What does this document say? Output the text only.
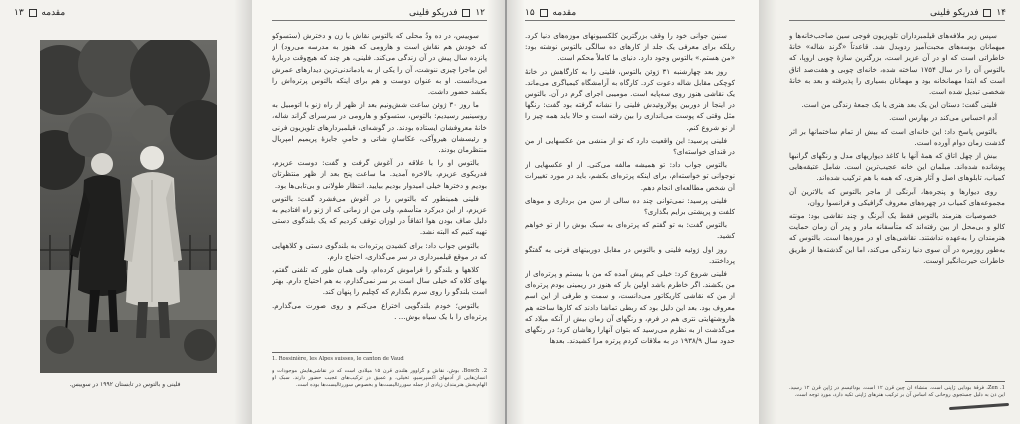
مقدمه  ۱۳
فلینی و بالتوس در تابستان ۱۹۹۲ در سوییس.
۱۲  فدریکو فلینی

سوییس، در ده ودُ محلی که بالتوس نقاش با زن و دخترش (ستسوکو که خودش هم نقاش است و هارومی که هنوز به مدرسه می‌رود) از پانزده سال پیش در آن زندگی می‌کند. فلینی، هر چند که هیچ‌وقت دربارهٔ این ماجرا چیزی ننوشت، آن را یکی از به یادماندنی‌ترین دیدارهای عمرش می‌دانست. او به عنوان دوست و هم برای اینکه بالتوس پرتره‌اش را بکشد حضور داشت.

ما روز ۳۰ ژوئن ساعت شش‌ونیم بعد از ظهر از راه ژنو با اتومبیل به روسینییر رسیدیم: بالتوس، ستسوکو و هارومی در سرسرای گراند شاله، خانهٔ معروفشان ایستاده بودند. در گوشه‌ای، قیلمبردارهای تلویزیون فرنی و رئیسشان هیروآکی، عکاسانِ شاتی و حامیِ جایزهٔ پریمیم امپریال منتظرمان بودند.

بالتوس او را با علاقه در آغوش گرفت و گفت: دوست عزیزم، فدریکوی عزیزم، بالاخره آمدید. ما ساعت پنج بعد از ظهر منتظرتان بودیم و دخترها خیلی امیدوار بودیم بیایید. انتظار طولانی و بی‌تابی‌ها بود.

فلینی همینطور که بالتوس را در آغوش می‌فشرد گفت: بالتوس عزیزم، از این دیرکرد متأسفم، ولی من از زمانی که از ژنو راه افتادیم به دلیل صاف بودن هوا اتفاقاً در لوزان توقف کردیم که یک بلندگوی دستی تهیه کنیم که البته نشد.

بالتوس جواب داد: برای کشیدن پرتره‌ات به بلندگوی دستی و کلاههایی که در موقع قیلمبرداری در سر می‌گذاری، احتیاج دارم.

کلاهها و بلندگو را فراموش کرده‌ام، ولی همان طور که تلفنی گفتم، بهای کلاه که خیلی سال است بر سر نمی‌گذارم، به هم احتیاج دارم. بهتر است بلندگو را روی سرم بگذارم که کچلیم را پنهان کند.

بالتوس؛ خودم بلندگویی اختراع می‌کنم و روی صورت می‌گذارم. پرتره‌ای را با یک سیاه بوش... .

1. Rossinière, les Alpes suisses, le canton de Vaud
2. Bosch، بوش، نقاش و گراوور هلندی قرن ۱۵ میلادی است که در نقاشی‌هایش موجودات و انسان‌هایی از آدمهای اکسپرسیو، تخیلی، و عمیق در ترکیب‌های عجیب حضور دارند. سبک او الهام‌بخش هنرمندان زیادی از جمله سوررئالیست‌ها و بخصوص سوررئالیست‌ها بوده است.
مقدمه  ۱۵

سنین جوانی خود را وقف بزرگترین کلکسیونهای موزه‌های دنیا کرد. ریلکه برای معرفی یک جلد از کارهای ده سالگی بالتوس نوشته بود: «من هستم.» بالتوس وجود دارد. دنیای ما کاملاً محکم است.

روز بعد چهارشنبه ۳۱ ژوئن بالتوس، فلینی را به کارگاهش در خانهٔ کوچکی مقابل شاله دعوت کرد. کارگاه به آرامشگاه کیمیاگری می‌ماند. یک نقاشی هنوز روی سه‌پایه است. مومیبی اجرای گرم در آن. بالتوس در اینجا از دوربین پولاروئیدش فلینی را نشانه گرفته بود گفت: رنگها مثل وقتی که پوست می‌اندازی را بین رفته است و حالا باید همه چیز را از نو شروع کنم.

فلینی پرسید: این واقعیت دارد که تو از منشی من عکسهایی از من در قندای خواسته‌ای؟

بالتوس جواب داد: تو همیشه مالفه می‌کنی. از او عکسهایی از نوجوانی تو خواسته‌ام، برای اینکه پرتره‌ای بکشم، باید در مورد تغییرات آن شخص مطالعه‌ای انجام دهم.

فلینی پرسید: نمی‌توانی چند ده سالی از سن من برداری و موهای کلفت و پرپشتی برایم بگذاری؟

بالتوس گفت: به تو گفتم که پرتره‌ای به سبک بوش را از تو خواهم کشید.

روز اول ژوئیه فلینی و بالتوس در مقابل دوربینهای فرنی به گفتگو پرداختند.

فلینی شروع کرد: خیلی کم پیش آمده که من با بیستم و پرتره‌ای از من بکشند. اگر خاطرم باشد اولین بار که هنوز در ریمینی بودم پرتره‌ای از من که نقاشی کاریکاتور می‌دانست، و سمت و طرفی از این اسم معروف بود. بعد این دلیل بود که ربطی تماشا دادند که کارها ساخته هم هاروشتهایتی نتری هم در فرم، و رنگهای آن زمان بیش از آنکه میلاد که می‌گذشت از به نظرم می‌رسید که بتوان آنهارا رهاشان کرد؛ در رنگهای حدود سال ۱۹۳۸/۹ در به ملاقات کردم پرتره مرا کشیدند. بعدها

۱۴  فدریکو فلینی

سپس زیر ملافه‌های قیلمبرداران تلویزیون فوجی سین صاحب‌خانه‌ها و میهمانان بوسه‌های محبت‌آمیز ردوبدل شد. قاعدتاً «گرند شاله» خانهٔ خاطراتی است که او در آن عزیز است، بزرگترین سازهٔ چوبی اروپا، که بالتوس آن را در سال ۱۷۵۴ ساخته شده، خانه‌ای چوبی و هفت‌صد اتاق است که ابتدا مهمانخانه بود و مهمانان بسیاری را پذیرفته و بعد به خانهٔ شخصی تبدیل شده است.

فلینی گفت: دستان این یک بعد هنری یا یک جمعهٔ زندگی من است.

آدم احساس می‌کند در بهارس است.

بالتوس پاسخ داد: این خانه‌ای است که بیش از تمام ساختمانها بر اثر گذشت زمان دوام آورده است.

بیش از چهل اتاق که همهٔ آنها با کاغذ دیواریهای مدل و رنگهای گرانبها پوشانده شده‌اند. مبلمان این خانه عجیب‌ترین است. شامل عتیقه‌هایی کمیاب، تابلوهای اصل و آثار هنری، که همه با هم ترکیب شده‌اند.

روی دیوارها و پنجره‌ها، آبرنگی از ماجر بالتوس که بالاترین آن مجموعه‌های کمیاب در چهره‌های معروف گرافیکی و فرانسوا روان،

خصوصیات هنرمند بالتوس فقط یک آبرنگ و چند نقاشی بود: مونته کالو و بی‌محل از بین رفته‌اند که متأسفانه مادر و پدر آن زمان حمایت هنرمندان را به‌عهده نداشتند. نقاشی‌های او در موزه‌ها است. بالتوس که به‌طور روزمره در آن سوی دنیا زندگی می‌کند، اما این گذشته‌ها از طریق خاطرات حیرت‌انگیز اوست.

Zen .1، فرقهٔ بودایی ژاپنی است. منشاء آن چین قرن ۱۲ است. بودائیسم در ژاپن قرن ۱۲ رسید. این ذن به دلیل جستجوی روحانی که اساس آن بر ترکیب هنرهای ژاپنی تکیه دارد، مورد توجه است.
